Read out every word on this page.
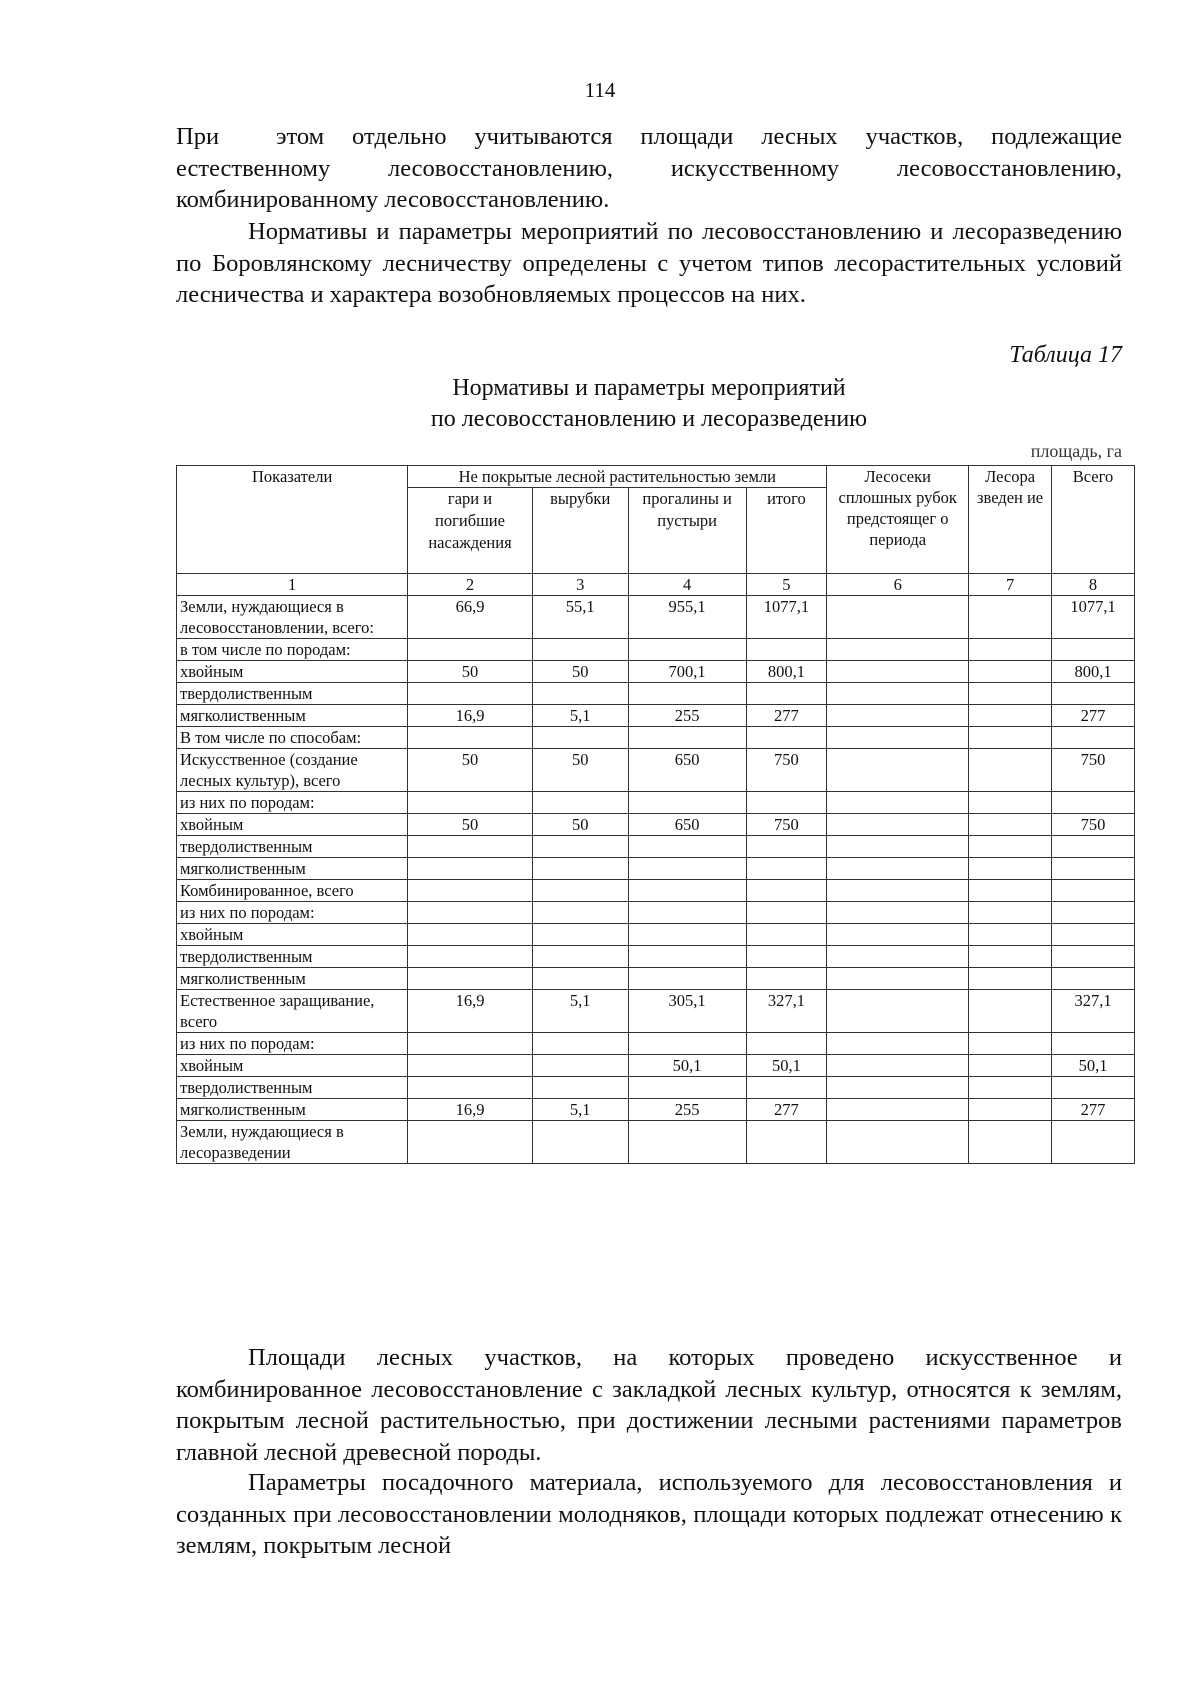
114

При этом отдельно учитываются площади лесных участков, подлежащие естественному лесовосстановлению, искусственному лесовосстановлению, комбинированному лесовосстановлению.

Нормативы и параметры мероприятий по лесовосстановлению и лесоразведению по Боровлянскому лесничеству определены с учетом типов лесорастительных условий лесничества и характера возобновляемых процессов на них.

Таблица 17
Нормативы и параметры мероприятий
по лесовосстановлению и лесоразведению
площадь, га
Показатели	Не покрытые лесной растительностью земли				Лесосеки сплошных рубок предстоящег о периода	Лесора зведен ие	Всего
	гари и погибшие насаждения	вырубки	прогалины и пустыри	итого			
1	2	3	4	5	6	7	8
Земли, нуждающиеся в лесовосстановлении, всего:	66,9	55,1	955,1	1077,1			1077,1
в том числе по породам:							
хвойным	50	50	700,1	800,1			800,1
твердолиственным							
мягколиственным	16,9	5,1	255	277			277
В том числе по способам:							
Искусственное (создание лесных культур), всего	50	50	650	750			750
из них по породам:							
хвойным	50	50	650	750			750
твердолиственным							
мягколиственным							
Комбинированное, всего							
из них по породам:							
хвойным							
твердолиственным							
мягколиственным							
Естественное заращивание, всего	16,9	5,1	305,1	327,1			327,1
из них по породам:							
хвойным			50,1	50,1			50,1
твердолиственным							
мягколиственным	16,9	5,1	255	277			277
Земли, нуждающиеся в лесоразведении							

Площади лесных участков, на которых проведено искусственное и комбинированное лесовосстановление с закладкой лесных культур, относятся к землям, покрытым лесной растительностью, при достижении лесными растениями параметров главной лесной древесной породы.

Параметры посадочного материала, используемого для лесовосстановления и созданных при лесовосстановлении молодняков, площади которых подлежат отнесению к землям, покрытым лесной
